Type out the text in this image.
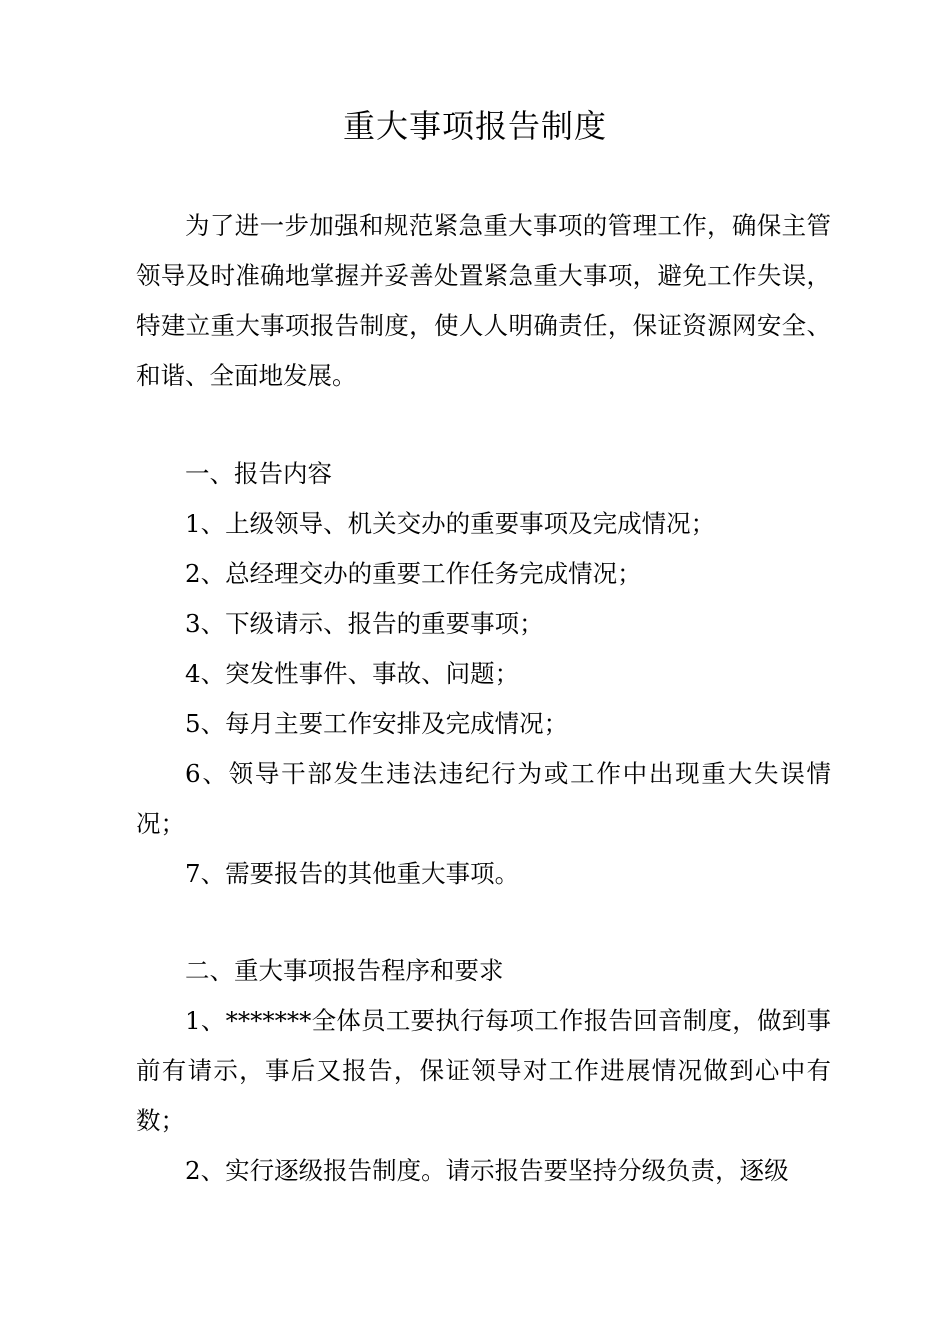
重大事项报告制度

为了进一步加强和规范紧急重大事项的管理工作，确保主管领导及时准确地掌握并妥善处置紧急重大事项，避免工作失误，特建立重大事项报告制度，使人人明确责任，保证资源网安全、和谐、全面地发展。

一、报告内容

1、上级领导、机关交办的重要事项及完成情况；

2、总经理交办的重要工作任务完成情况；

3、下级请示、报告的重要事项；

4、突发性事件、事故、问题；

5、每月主要工作安排及完成情况；

6、领导干部发生违法违纪行为或工作中出现重大失误情况；

7、需要报告的其他重大事项。

二、重大事项报告程序和要求

1、*******全体员工要执行每项工作报告回音制度，做到事前有请示，事后又报告，保证领导对工作进展情况做到心中有数；

2、实行逐级报告制度。请示报告要坚持分级负责，逐级
